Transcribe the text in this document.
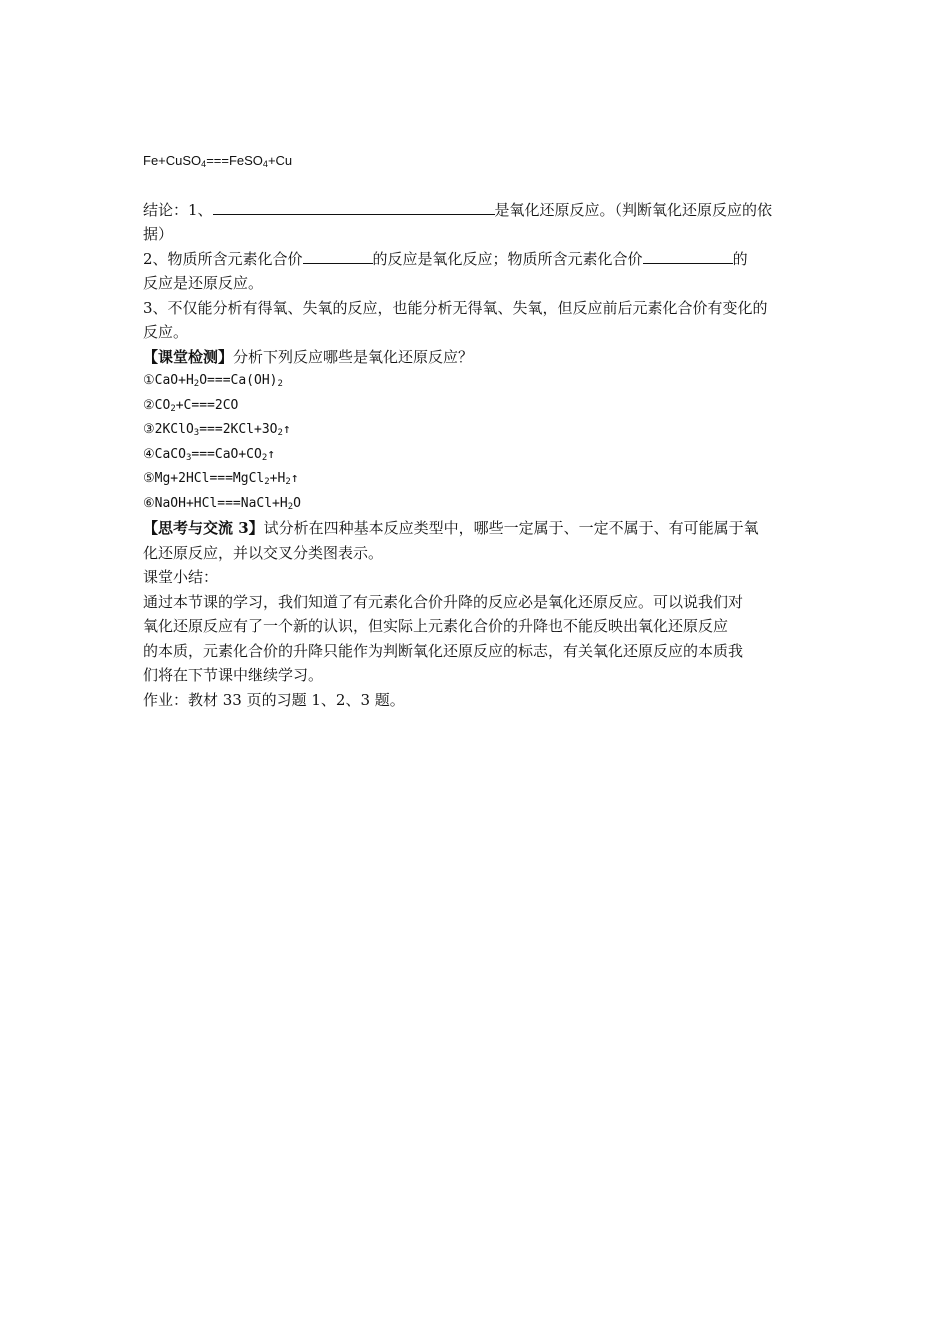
Fe+CuSO$_4$===FeSO$_4$+Cu
结论：1、	是氧化还原反应。（判断氧化还原反应的依
据）
2、物质所含元素化合价	的反应是氧化反应；物质所含元素化合价	的
反应是还原反应。
3、不仅能分析有得氧、失氧的反应，也能分析无得氧、失氧，但反应前后元素化合价有变化的
反应。
【课堂检测】分析下列反应哪些是氧化还原反应？
$①CaO+H_2O===Ca(OH)_2$
$②CO_2+C===2CO$
$③2KClO_3===2KCl+3O_2↑$
$④CaCO_3===CaO+CO_2↑$
$⑤Mg+2HCl===MgCl_2+H_2↑$
$⑥NaOH+HCl===NaCl+H_2O$
【思考与交流 3】试分析在四种基本反应类型中，哪些一定属于、一定不属于、有可能属于氧
化还原反应，并以交叉分类图表示。
课堂小结：
通过本节课的学习，我们知道了有元素化合价升降的反应必是氧化还原反应。可以说我们对
氧化还原反应有了一个新的认识，但实际上元素化合价的升降也不能反映出氧化还原反应
的本质，元素化合价的升降只能作为判断氧化还原反应的标志，有关氧化还原反应的本质我
们将在下节课中继续学习。
作业：教材 33 页的习题 1、2、3 题。
